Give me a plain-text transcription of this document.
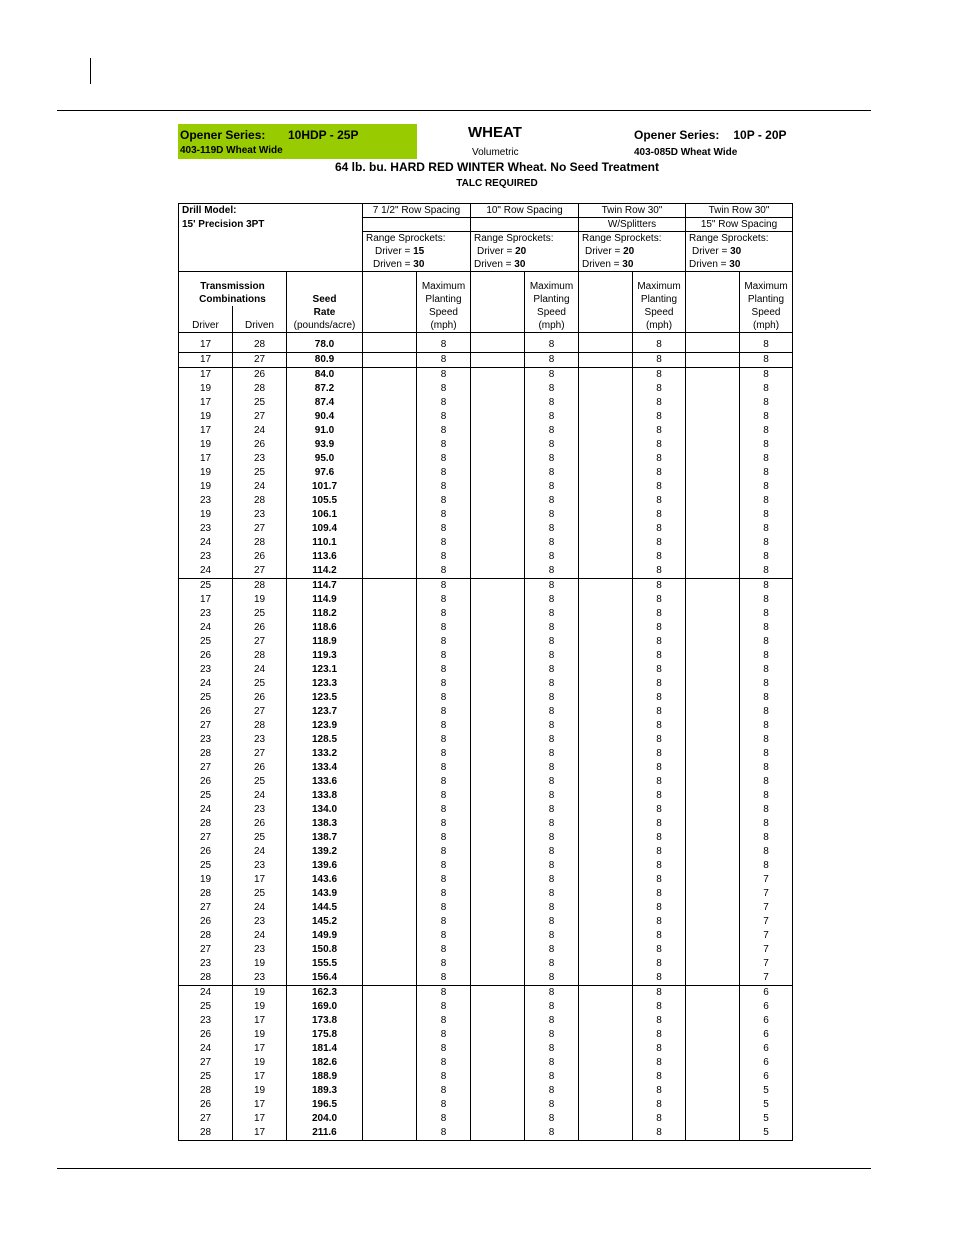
Opener Series: 10HDP - 25P
403-119D Wheat Wide
WHEAT
Volumetric
Opener Series: 10P - 20P
403-085D Wheat Wide
64 lb. bu. HARD RED WINTER Wheat. No Seed Treatment
TALC REQUIRED
Drill Model:			7 1/2" Row Spacing		10" Row Spacing		Twin Row 30"		Twin Row 30"	
15' Precision 3PT							W/Splitters		15" Row Spacing	
			Range Sprockets:		Range Sprockets:		Range Sprockets:		Range Sprockets:	
			Driver = 15		Driver = 20		Driver = 20		Driver = 30	
			Driven = 30		Driven = 30		Driven = 30		Driven = 30	

Transmission				Maximum		Maximum		Maximum		Maximum
Combinations		Seed		Planting		Planting		Planting		Planting
		Rate		Speed		Speed		Speed		Speed
Driver	Driven	(pounds/acre)		(mph)		(mph)		(mph)		(mph)

17	28	78.0		8		8		8		8
17	27	80.9		8		8		8		8
17	26	84.0		8		8		8		8
19	28	87.2		8		8		8		8
17	25	87.4		8		8		8		8
19	27	90.4		8		8		8		8
17	24	91.0		8		8		8		8
19	26	93.9		8		8		8		8
17	23	95.0		8		8		8		8
19	25	97.6		8		8		8		8
19	24	101.7		8		8		8		8
23	28	105.5		8		8		8		8
19	23	106.1		8		8		8		8
23	27	109.4		8		8		8		8
24	28	110.1		8		8		8		8
23	26	113.6		8		8		8		8
24	27	114.2		8		8		8		8
25	28	114.7		8		8		8		8
17	19	114.9		8		8		8		8
23	25	118.2		8		8		8		8
24	26	118.6		8		8		8		8
25	27	118.9		8		8		8		8
26	28	119.3		8		8		8		8
23	24	123.1		8		8		8		8
24	25	123.3		8		8		8		8
25	26	123.5		8		8		8		8
26	27	123.7		8		8		8		8
27	28	123.9		8		8		8		8
23	23	128.5		8		8		8		8
28	27	133.2		8		8		8		8
27	26	133.4		8		8		8		8
26	25	133.6		8		8		8		8
25	24	133.8		8		8		8		8
24	23	134.0		8		8		8		8
28	26	138.3		8		8		8		8
27	25	138.7		8		8		8		8
26	24	139.2		8		8		8		8
25	23	139.6		8		8		8		8
19	17	143.6		8		8		8		7
28	25	143.9		8		8		8		7
27	24	144.5		8		8		8		7
26	23	145.2		8		8		8		7
28	24	149.9		8		8		8		7
27	23	150.8		8		8		8		7
23	19	155.5		8		8		8		7
28	23	156.4		8		8		8		7
24	19	162.3		8		8		8		6
25	19	169.0		8		8		8		6
23	17	173.8		8		8		8		6
26	19	175.8		8		8		8		6
24	17	181.4		8		8		8		6
27	19	182.6		8		8		8		6
25	17	188.9		8		8		8		6
28	19	189.3		8		8		8		5
26	17	196.5		8		8		8		5
27	17	204.0		8		8		8		5
28	17	211.6		8		8		8		5
